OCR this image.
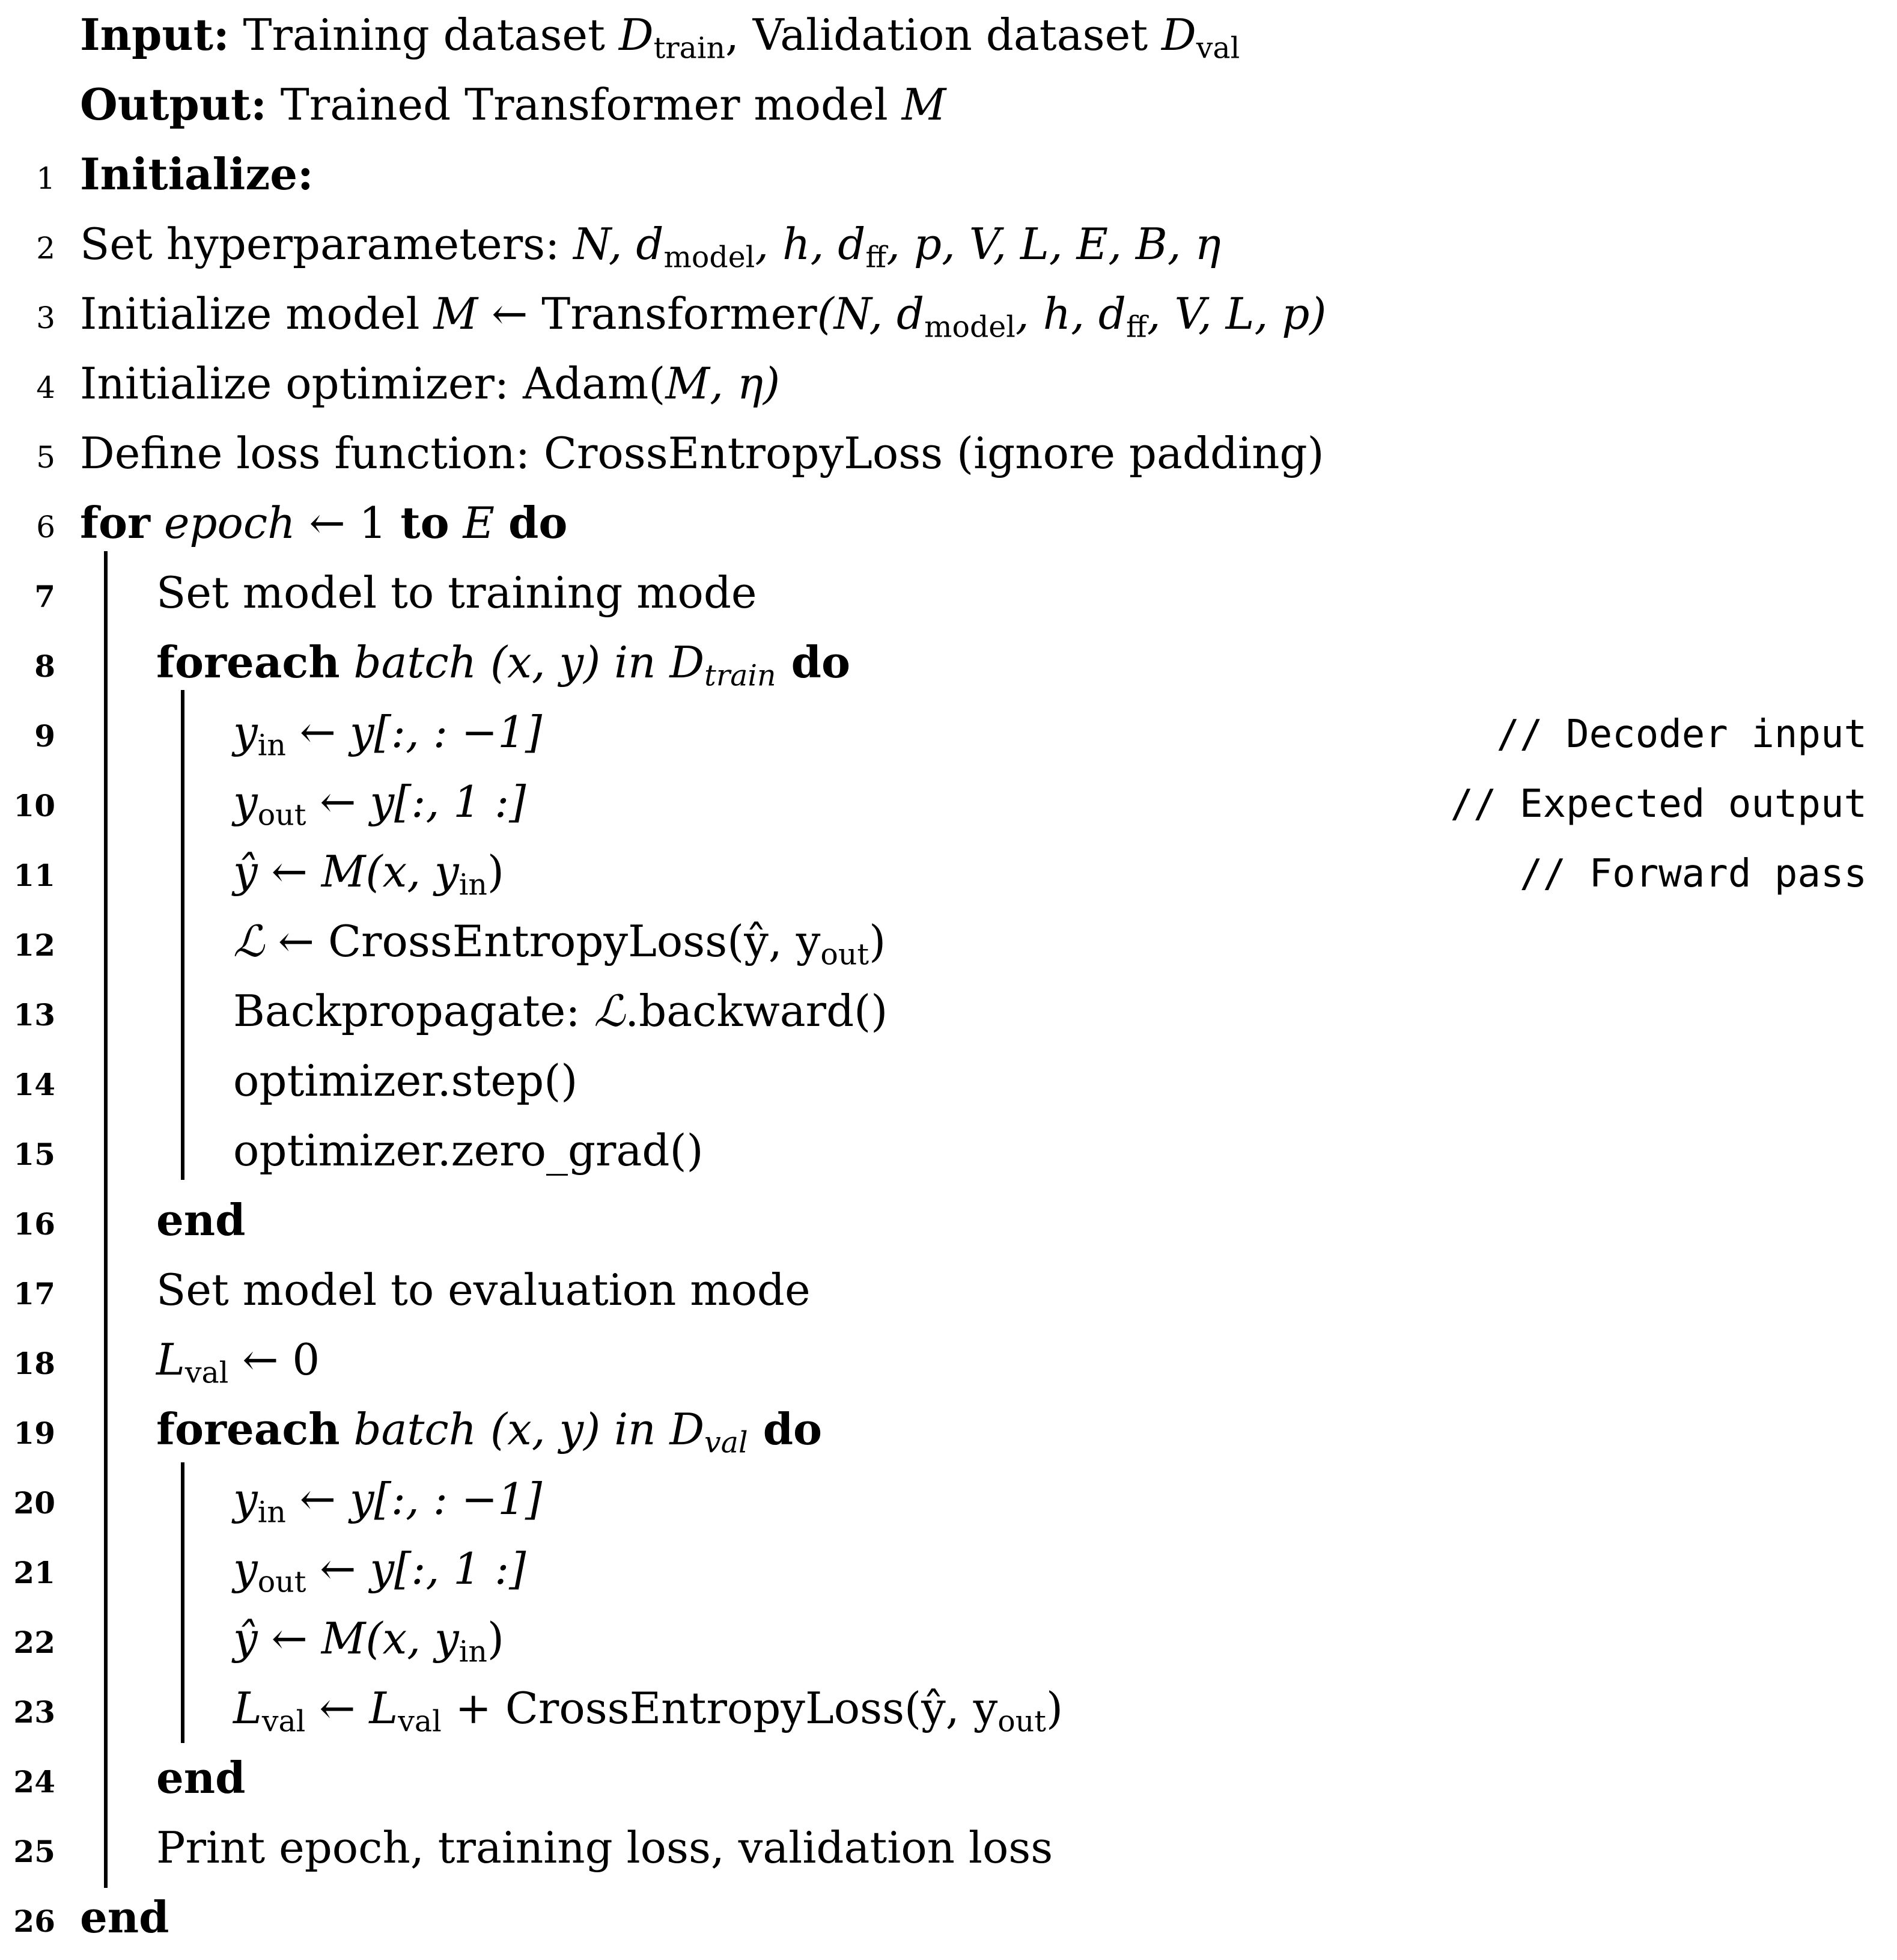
Input: Training dataset $D_{train}$, Validation dataset $D_{val}$
Output: Trained Transformer model M
1 Initialize:
2 Set hyperparameters: N, $d_{model}$, h, $d_{ff}$, p, V, L, E, B, η
3 Initialize model M ← Transformer(N, $d_{model}$, h, $d_{ff}$, V, L, p)
4 Initialize optimizer: Adam(M, η)
5 Define loss function: CrossEntropyLoss (ignore padding)
6 for epoch ← 1 to E do
7 Set model to training mode
8 foreach batch (x, y) in $D_{train}$ do
9	$y_{in}$ ← y[:, : −1]	// Decoder input
10	$y_{out}$ ← y[:, 1 :]	// Expected output
11	ŷ ← M(x, $y_{in}$)	// Forward pass
12	ℒ ← CrossEntropyLoss(ŷ, $y_{out}$)
13	Backpropagate: ℒ.backward()
14	optimizer.step()
15	optimizer.zero_grad()
16 end
17 Set model to evaluation mode
18 $L_{val}$ ← 0
19 foreach batch (x, y) in $D_{val}$ do
20	$y_{in}$ ← y[:, : −1]
21	$y_{out}$ ← y[:, 1 :]
22	ŷ ← M(x, $y_{in}$)
23	$L_{val}$ ← $L_{val}$ + CrossEntropyLoss(ŷ, $y_{out}$)
24 end
25 Print epoch, training loss, validation loss
26 end
